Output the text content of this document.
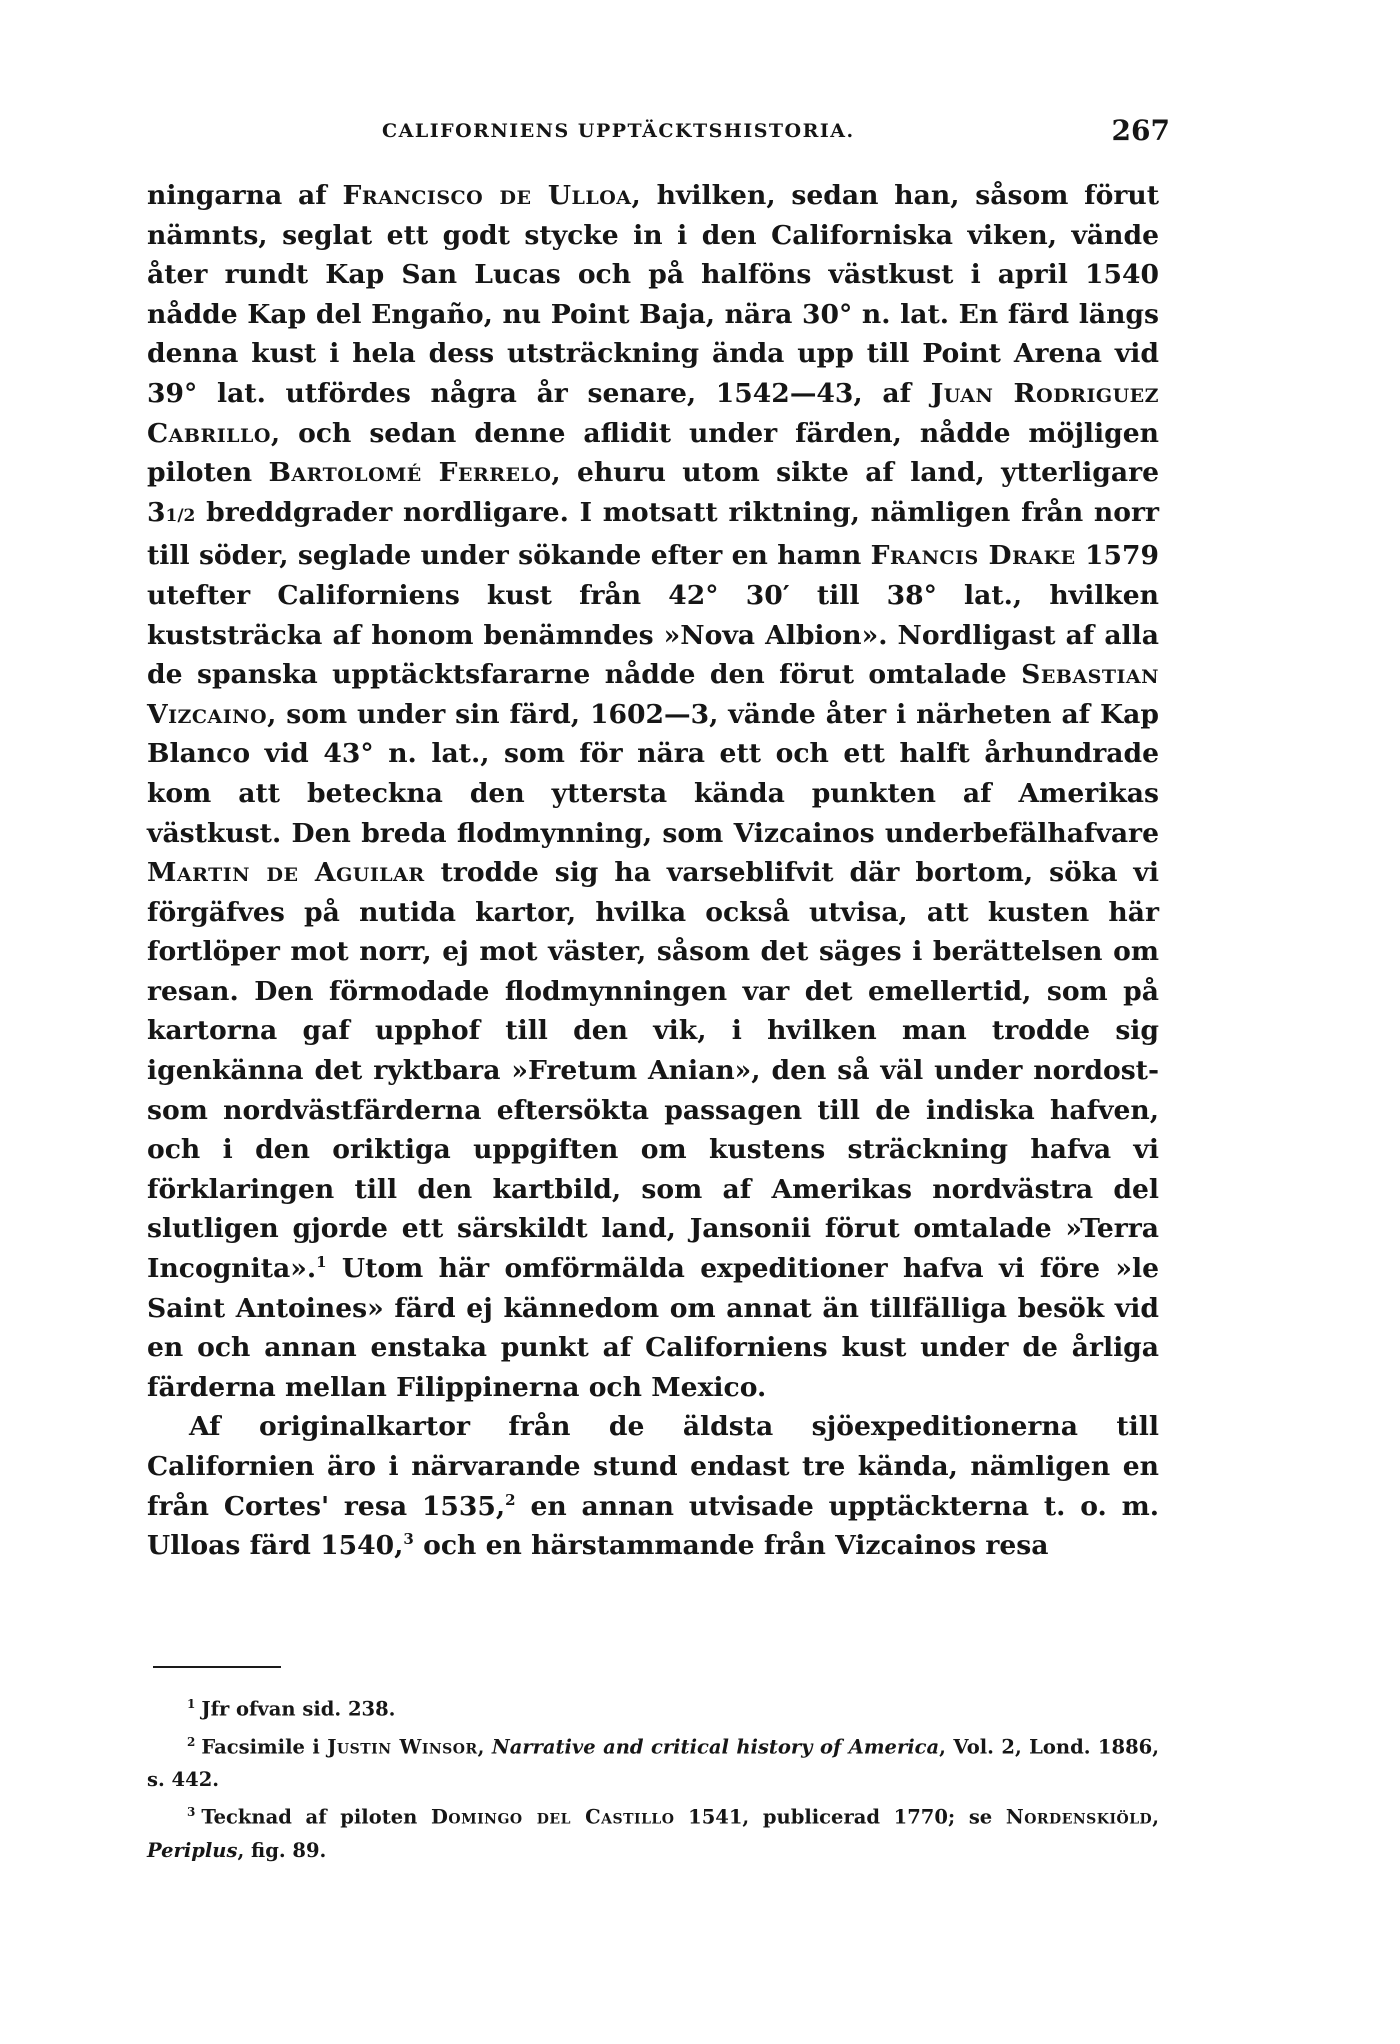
CALIFORNIENS UPPTÄCKTSHISTORIA.	267

ningarna af Francisco de Ulloa, hvilken, sedan han, såsom förut nämnts, seglat ett godt stycke in i den Californiska viken, vände åter rundt Kap San Lucas och på halföns västkust i april 1540 nådde Kap del Engaño, nu Point Baja, nära 30° n. lat. En färd längs denna kust i hela dess utsträckning ända upp till Point Arena vid 39° lat. utfördes några år senare, 1542—43, af Juan Rodriguez Cabrillo, och sedan denne aflidit under färden, nådde möjligen piloten Bartolomé Ferrelo, ehuru utom sikte af land, ytterligare 31/2 breddgrader nordligare. I motsatt riktning, nämligen från norr till söder, seglade under sökande efter en hamn Francis Drake 1579 utefter Californiens kust från 42° 30′ till 38° lat., hvilken kuststräcka af honom benämndes »Nova Albion». Nordligast af alla de spanska upptäcktsfararne nådde den förut omtalade Sebastian Vizcaino, som under sin färd, 1602—3, vände åter i närheten af Kap Blanco vid 43° n. lat., som för nära ett och ett halft århundrade kom att beteckna den yttersta kända punkten af Amerikas västkust. Den breda flodmynning, som Vizcainos underbefälhafvare Martin de Aguilar trodde sig ha varseblifvit där bortom, söka vi förgäfves på nutida kartor, hvilka också utvisa, att kusten här fortlöper mot norr, ej mot väster, såsom det säges i berättelsen om resan. Den förmodade flodmynningen var det emellertid, som på kartorna gaf upphof till den vik, i hvilken man trodde sig igenkänna det ryktbara »Fretum Anian», den så väl under nordost- som nordvästfärderna eftersökta passagen till de indiska hafven, och i den oriktiga uppgiften om kustens sträckning hafva vi förklaringen till den kartbild, som af Amerikas nordvästra del slutligen gjorde ett särskildt land, Jansonii förut omtalade »Terra Incognita».$^1$ Utom här omförmälda expeditioner hafva vi före »le Saint Antoines» färd ej kännedom om annat än tillfälliga besök vid en och annan enstaka punkt af Californiens kust under de årliga färderna mellan Filippinerna och Mexico.

Af originalkartor från de äldsta sjöexpeditionerna till Californien äro i närvarande stund endast tre kända, nämligen en från Cortes' resa 1535,$^2$ en annan utvisade upptäckterna t. o. m. Ulloas färd 1540,$^3$ och en härstammande från Vizcainos resa

$^1$ Jfr ofvan sid. 238.

$^2$ Facsimile i Justin Winsor, Narrative and critical history of America, Vol. 2, Lond. 1886, s. 442.

$^3$ Tecknad af piloten Domingo del Castillo 1541, publicerad 1770; se Nordenskiöld, Periplus, fig. 89.
